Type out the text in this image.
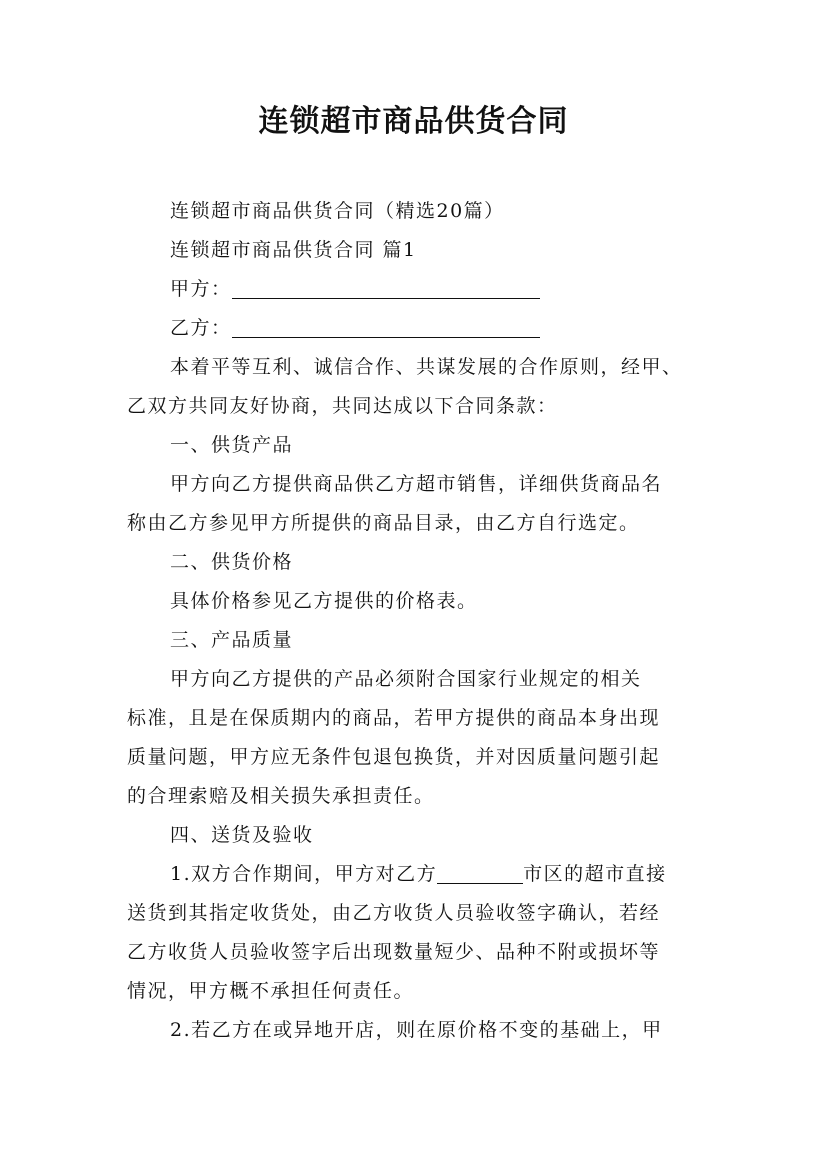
连锁超市商品供货合同
连锁超市商品供货合同（精选20篇）
连锁超市商品供货合同 篇1
甲方：
乙方：
本着平等互利、诚信合作、共谋发展的合作原则，经甲、
乙双方共同友好协商，共同达成以下合同条款：
一、供货产品
甲方向乙方提供商品供乙方超市销售，详细供货商品名
称由乙方参见甲方所提供的商品目录，由乙方自行选定。
二、供货价格
具体价格参见乙方提供的价格表。
三、产品质量
甲方向乙方提供的产品必须附合国家行业规定的相关
标准，且是在保质期内的商品，若甲方提供的商品本身出现
质量问题，甲方应无条件包退包换货，并对因质量问题引起
的合理索赔及相关损失承担责任。
四、送货及验收
1.双方合作期间，甲方对乙方	市区的超市直接
送货到其指定收货处，由乙方收货人员验收签字确认，若经
乙方收货人员验收签字后出现数量短少、品种不附或损坏等
情况，甲方概不承担任何责任。
2.若乙方在或异地开店，则在原价格不变的基础上，甲
